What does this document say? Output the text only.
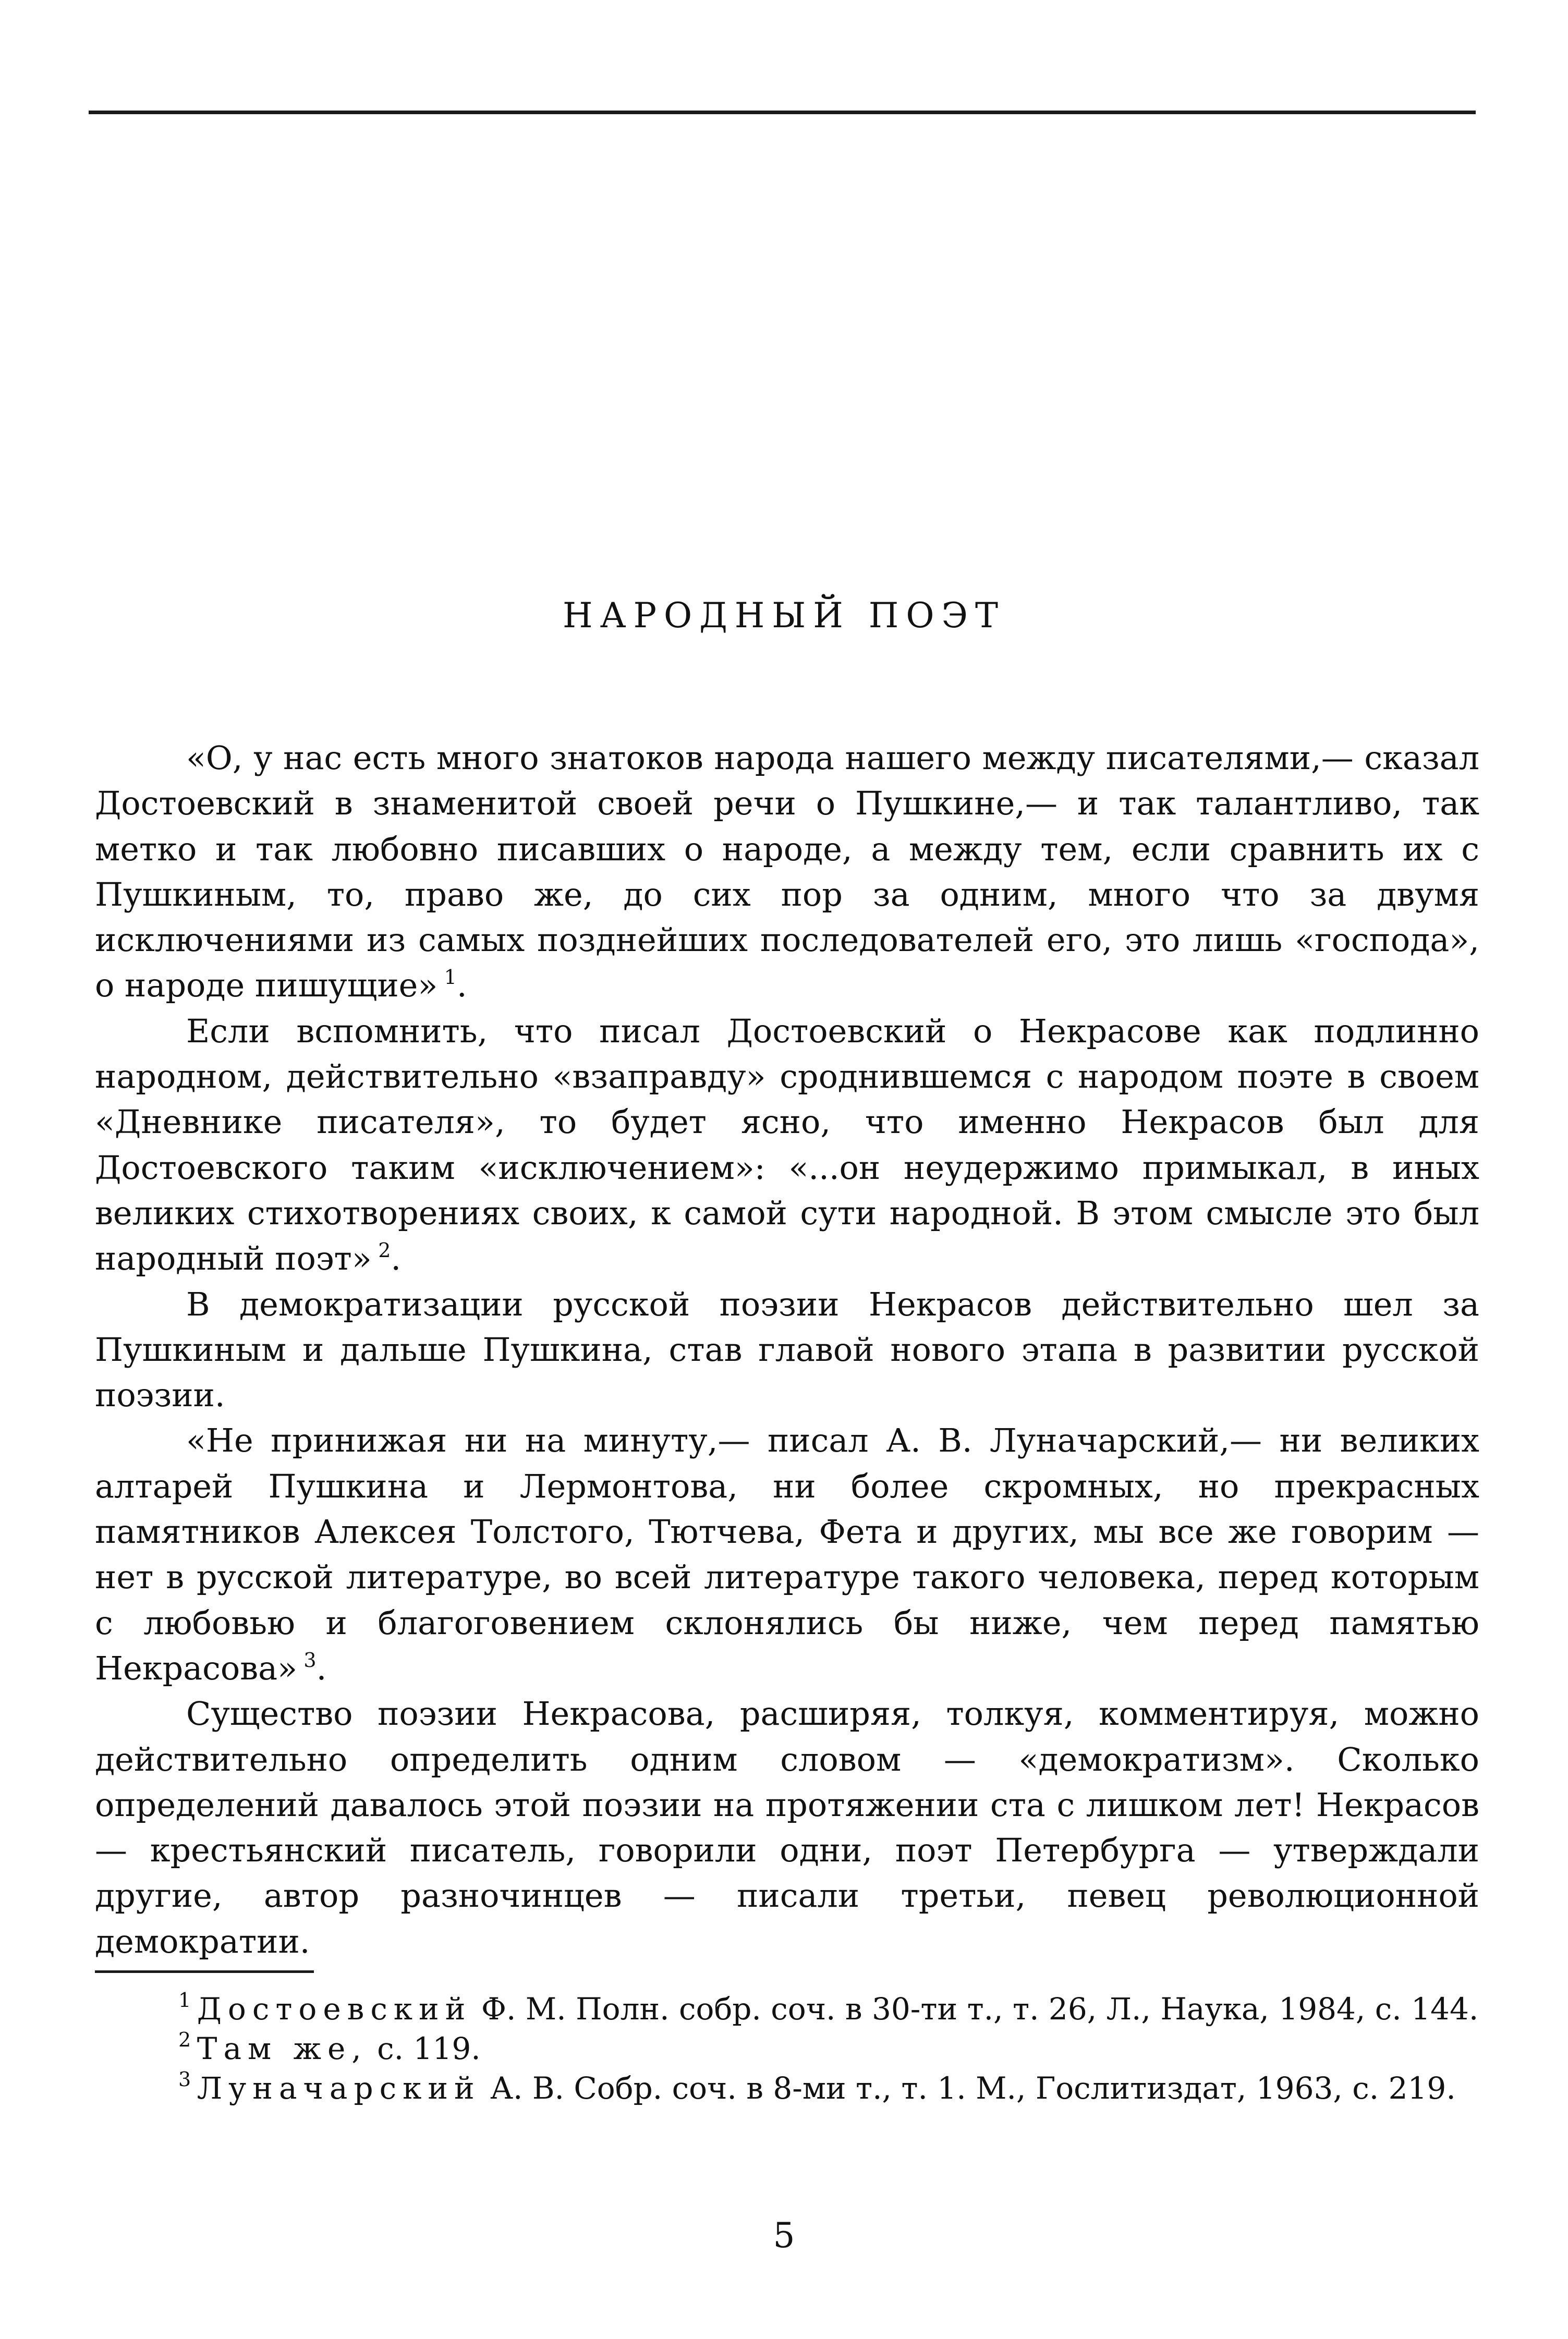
НАРОДНЫЙ ПОЭТ

«О, у нас есть много знатоков народа нашего между писателями,— сказал Достоевский в знаменитой своей речи о Пушкине,— и так талантливо, так метко и так любовно писавших о народе, а между тем, если сравнить их с Пушкиным, то, право же, до сих пор за одним, много что за двумя исключениями из самых позднейших последователей его, это лишь «господа», о народе пишущие»  $^1$.

Если вспомнить, что писал Достоевский о Некрасове как подлинно народном, действительно «взаправду» сроднившемся с народом поэте в своем «Дневнике писателя», то будет ясно, что именно Некрасов был для Достоевского таким «исключением»: «...он неудержимо примыкал, в иных великих стихотворениях своих, к самой сути народной. В этом смысле это был народный поэт»  $^2$.

В демократизации русской поэзии Некрасов действительно шел за Пушкиным и дальше Пушкина, став главой нового этапа в развитии русской поэзии.

«Не принижая ни на минуту,— писал А. В. Луначарский,— ни великих алтарей Пушкина и Лермонтова, ни более скромных, но прекрасных памятников Алексея Толстого, Тютчева, Фета и других, мы все же говорим — нет в русской литературе, во всей литературе такого человека, перед которым с любовью и благоговением склонялись бы ниже, чем перед памятью Некрасова»  $^3$.

Существо поэзии Некрасова, расширяя, толкуя, комментируя, можно действительно определить одним словом — «демократизм». Сколько определений давалось этой поэзии на протяжении ста с лишком лет! Некрасов — крестьянский писатель, говорили одни, поэт Петербурга — утверждали другие, автор разночинцев — писали третьи, певец революционной демократии.

$^1$  Достоевский Ф. М. Полн. собр. соч. в 30-ти т., т. 26, Л., Наука, 1984, с. 144.

$^2$  Там же, с. 119.

$^3$  Луначарский А. В. Собр. соч. в 8-ми т., т. 1. М., Гослитиздат, 1963, с. 219.

5
